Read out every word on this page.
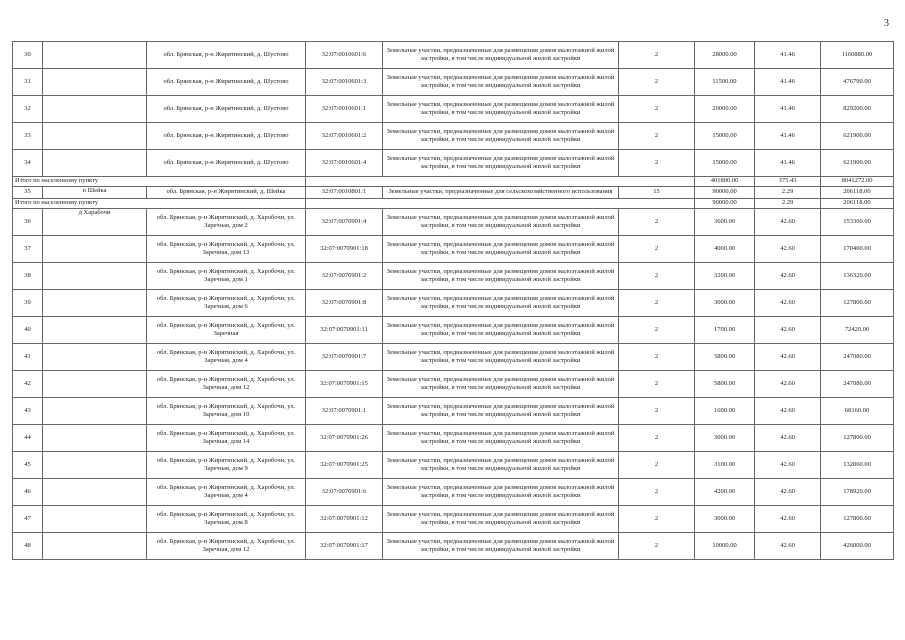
3
30		обл. Брянская, р-н Жирятинский, д. Шустово	32:07:0010601:6	Земельные участки, предназначенные для размещения домов малоэтажной жилой застройки, в том числе индивидуальной жилой застройки	2	28000.00	41.46	1160880.00
31		обл. Брянская, р-н Жирятинский, д. Шустово	32:07:0010601:3	Земельные участки, предназначенные для размещения домов малоэтажной жилой застройки, в том числе индивидуальной жилой застройки	2	11500.00	41.46	476790.00
32		обл. Брянская, р-н Жирятинский, д. Шустово	32:07:0010601:1	Земельные участки, предназначенные для размещения домов малоэтажной жилой застройки, в том числе индивидуальной жилой застройки	2	20000.00	41.46	829200.00
33		обл. Брянская, р-н Жирятинский, д. Шустово	32:07:0010601:2	Земельные участки, предназначенные для размещения домов малоэтажной жилой застройки, в том числе индивидуальной жилой застройки	2	15000.00	41.46	621900.00
34		обл. Брянская, р-н Жирятинский, д. Шустово	32:07:0010601:4	Земельные участки, предназначенные для размещения домов малоэтажной жилой застройки, в том числе индивидуальной жилой застройки	2	15000.00	41.46	621900.00
Итого по населенному пункту						401800.00	375.43	8041272.00
35	п Шейка	обл. Брянская, р-н Жирятинский, д. Шейка	32:07:0010801:1	Земельные участки, предназначенные для сельскохозяйственного использования	15	90000.00	2.29	206118.00
Итого по населенному пункту						90000.00	2.29	206118.00
36	д Харабочи	обл. Брянская, р-н Жирятинский, д. Харобочи, ул. Заречная, дом 2	32:07:0070901:4	Земельные участки, предназначенные для размещения домов малоэтажной жилой застройки, в том числе индивидуальной жилой застройки	2	3600.00	42.60	153360.00
37		обл. Брянская, р-н Жирятинский, д. Харобочи, ул. Заречная, дом 13	32:07:0070901:18	Земельные участки, предназначенные для размещения домов малоэтажной жилой застройки, в том числе индивидуальной жилой застройки	2	4000.00	42.60	170400.00
38		обл. Брянская, р-н Жирятинский, д. Харобочи, ул. Заречная, дом 1	32:07:0070901:2	Земельные участки, предназначенные для размещения домов малоэтажной жилой застройки, в том числе индивидуальной жилой застройки	2	3200.00	42.60	136320.00
39		обл. Брянская, р-н Жирятинский, д. Харобочи, ул. Заречная, дом 6	32:07:0070901:8	Земельные участки, предназначенные для размещения домов малоэтажной жилой застройки, в том числе индивидуальной жилой застройки	2	3000.00	42.60	127800.00
40		обл. Брянская, р-н Жирятинский, д. Харобочи, ул. Заречная	32:07:0070901:11	Земельные участки, предназначенные для размещения домов малоэтажной жилой застройки, в том числе индивидуальной жилой застройки	2	1700.00	42.60	72420.00
41		обл. Брянская, р-н Жирятинский, д. Харобочи, ул. Заречная, дом 4	32:07:0070901:7	Земельные участки, предназначенные для размещения домов малоэтажной жилой застройки, в том числе индивидуальной жилой застройки	2	5800.00	42.60	247080.00
42		обл. Брянская, р-н Жирятинский, д. Харобочи, ул. Заречная, дом 12	32:07:0070901:15	Земельные участки, предназначенные для размещения домов малоэтажной жилой застройки, в том числе индивидуальной жилой застройки	2	5800.00	42.60	247080.00
43		обл. Брянская, р-н Жирятинский, д. Харобочи, ул. Заречная, дом 10	32:07:0070901:1	Земельные участки, предназначенные для размещения домов малоэтажной жилой застройки, в том числе индивидуальной жилой застройки	2	1600.00	42.60	68160.00
44		обл. Брянская, р-н Жирятинский, д. Харобочи, ул. Заречная, дом 14	32:07:0070901:26	Земельные участки, предназначенные для размещения домов малоэтажной жилой застройки, в том числе индивидуальной жилой застройки	2	3000.00	42.60	127800.00
45		обл. Брянская, р-н Жирятинский, д. Харобочи, ул. Заречная, дом 9	32:07:0070901:25	Земельные участки, предназначенные для размещения домов малоэтажной жилой застройки, в том числе индивидуальной жилой застройки	2	3100.00	42.60	132060.00
46		обл. Брянская, р-н Жирятинский, д. Харобочи, ул. Заречная, дом 4	32:07:0070901:6	Земельные участки, предназначенные для размещения домов малоэтажной жилой застройки, в том числе индивидуальной жилой застройки	2	4200.00	42.60	178920.00
47		обл. Брянская, р-н Жирятинский, д. Харобочи, ул. Заречная, дом 8	32:07:0070901:12	Земельные участки, предназначенные для размещения домов малоэтажной жилой застройки, в том числе индивидуальной жилой застройки	2	3000.00	42.60	127800.00
48		обл. Брянская, р-н Жирятинский, д. Харобочи, ул. Заречная, дом 12	32:07:0070901:17	Земельные участки, предназначенные для размещения домов малоэтажной жилой застройки, в том числе индивидуальной жилой застройки	2	10000.00	42.60	426000.00
